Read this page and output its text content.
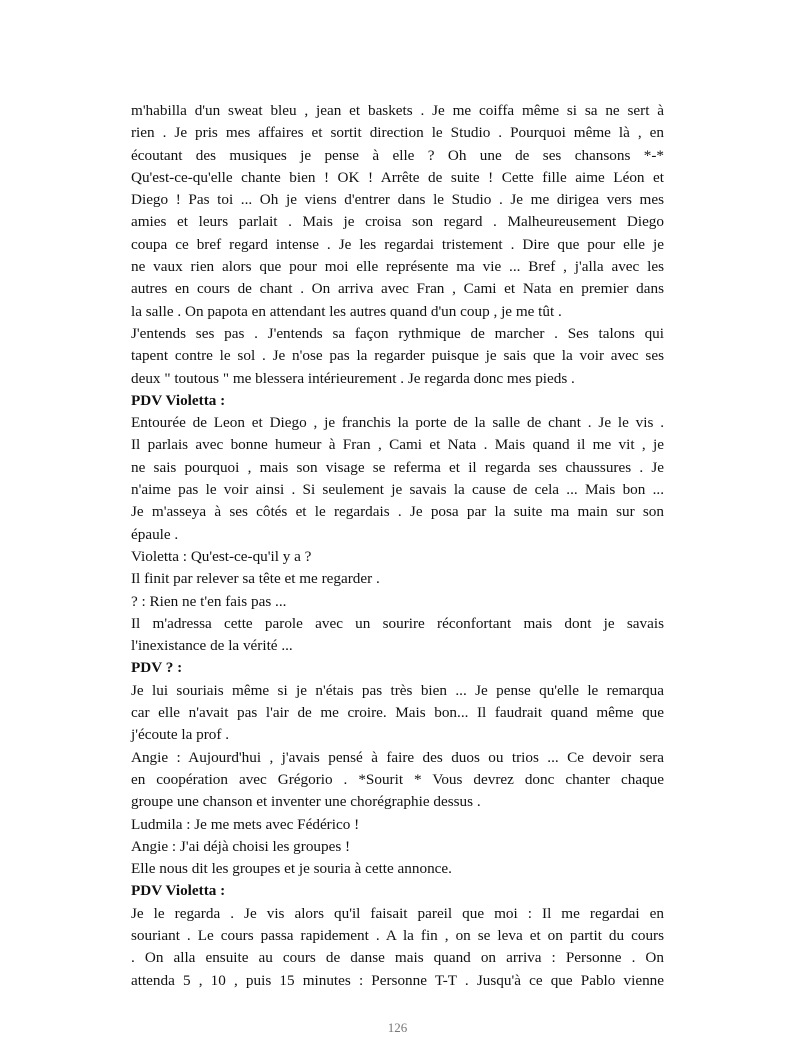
m'habilla d'un sweat bleu , jean et baskets . Je me coiffa même si sa ne sert à
rien . Je pris mes affaires et sortit direction le Studio . Pourquoi même là , en
écoutant des musiques je pense à elle ? Oh une de ses chansons *-*
Qu'est-ce-qu'elle chante bien ! OK ! Arrête de suite ! Cette fille aime Léon et
Diego ! Pas toi ... Oh je viens d'entrer dans le Studio . Je me dirigea vers mes
amies et leurs parlait . Mais je croisa son regard . Malheureusement Diego
coupa ce bref regard intense . Je les regardai tristement . Dire que pour elle je
ne vaux rien alors que pour moi elle représente ma vie ... Bref , j'alla avec les
autres en cours de chant . On arriva avec Fran , Cami et Nata en premier dans
la salle . On papota en attendant les autres quand d'un coup , je me tût .
J'entends ses pas . J'entends sa façon rythmique de marcher . Ses talons qui
tapent contre le sol . Je n'ose pas la regarder puisque je sais que la voir avec ses
deux " toutous " me blessera intérieurement . Je regarda donc mes pieds .
PDV Violetta :
Entourée de Leon et Diego , je franchis la porte de la salle de chant . Je le vis .
Il parlais avec bonne humeur à Fran , Cami et Nata . Mais quand il me vit , je
ne sais pourquoi , mais son visage se referma et il regarda ses chaussures . Je
n'aime pas le voir ainsi . Si seulement je savais la cause de cela ... Mais bon ...
Je m'asseya à ses côtés et le regardais . Je posa par la suite ma main sur son
épaule .
Violetta : Qu'est-ce-qu'il y a ?
Il finit par relever sa tête et me regarder .
? : Rien ne t'en fais pas ...
Il m'adressa cette parole avec un sourire réconfortant mais dont je savais
l'inexistance de la vérité ...
PDV ? :
Je lui souriais même si je n'étais pas très bien ... Je pense qu'elle le remarqua
car elle n'avait pas l'air de me croire. Mais bon... Il faudrait quand même que
j'écoute la prof .
Angie : Aujourd'hui , j'avais pensé à faire des duos ou trios ... Ce devoir sera
en coopération avec Grégorio . *Sourit * Vous devrez donc chanter chaque
groupe une chanson et inventer une chorégraphie dessus .
Ludmila : Je me mets avec Fédérico !
Angie : J'ai déjà choisi les groupes !
Elle nous dit les groupes et je souria à cette annonce.
PDV Violetta :
Je le regarda . Je vis alors qu'il faisait pareil que moi : Il me regardai en
souriant . Le cours passa rapidement . A la fin , on se leva et on partit du cours
. On alla ensuite au cours de danse mais quand on arriva : Personne . On
attenda 5 , 10 , puis 15 minutes : Personne T-T . Jusqu'à ce que Pablo vienne
126
